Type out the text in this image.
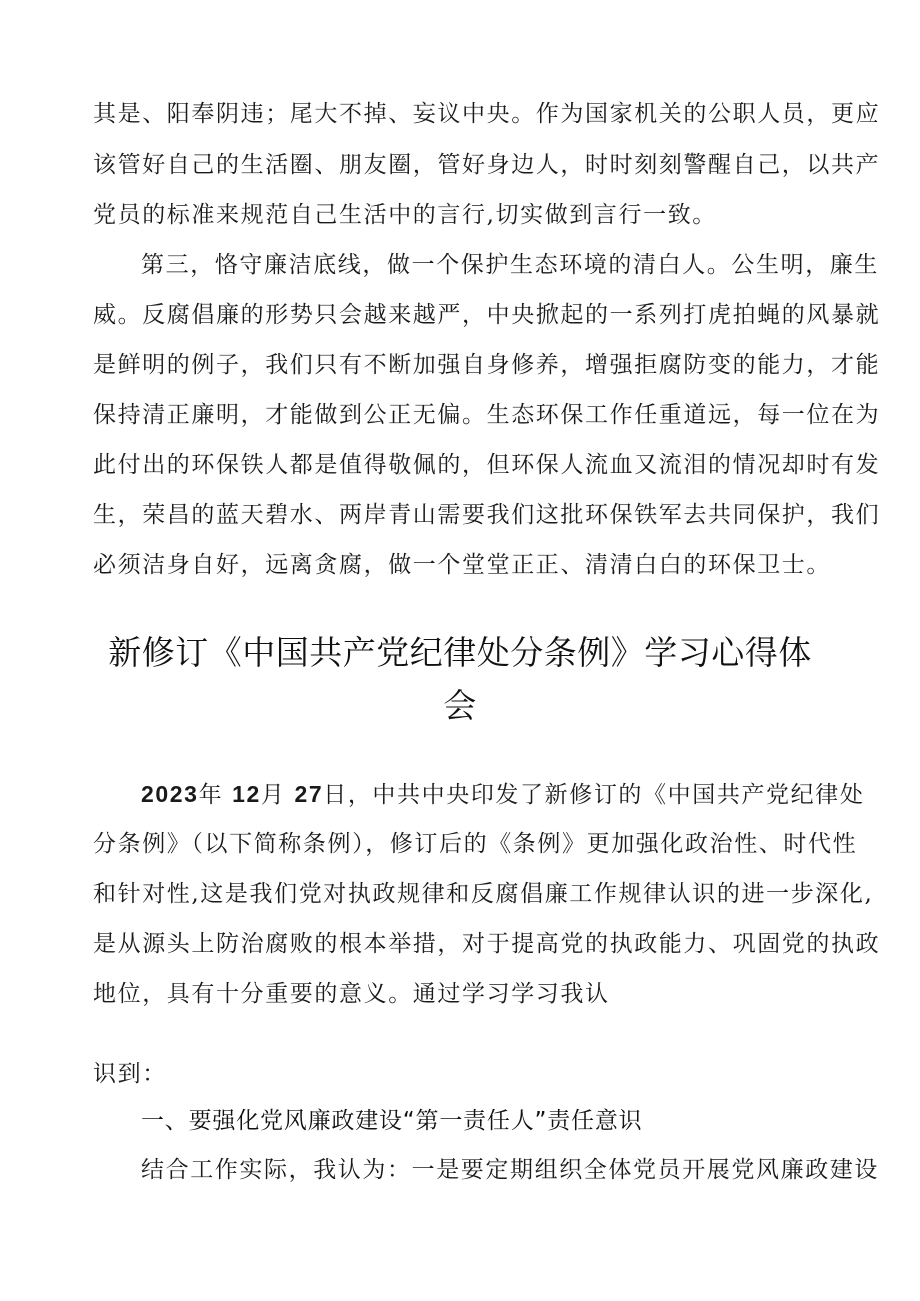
其是、阳奉阴违；尾大不掉、妄议中央。作为国家机关的公职人员，更应
该管好自己的生活圈、朋友圈，管好身边人，时时刻刻警醒自己，以共产
党员的标准来规范自己生活中的言行,切实做到言行一致。
第三，恪守廉洁底线，做一个保护生态环境的清白人。公生明，廉生
威。反腐倡廉的形势只会越来越严，中央掀起的一系列打虎拍蝇的风暴就
是鲜明的例子，我们只有不断加强自身修养，增强拒腐防变的能力，才能
保持清正廉明，才能做到公正无偏。生态环保工作任重道远，每一位在为
此付出的环保铁人都是值得敬佩的，但环保人流血又流泪的情况却时有发
生，荣昌的蓝天碧水、两岸青山需要我们这批环保铁军去共同保护，我们
必须洁身自好，远离贪腐，做一个堂堂正正、清清白白的环保卫士。
新修订《中国共产党纪律处分条例》学习心得体
会
2023年 12月 27日，中共中央印发了新修订的《中国共产党纪律处
分条例》（以下简称条例），修订后的《条例》更加强化政治性、时代性
和针对性,这是我们党对执政规律和反腐倡廉工作规律认识的进一步深化,
是从源头上防治腐败的根本举措，对于提高党的执政能力、巩固党的执政
地位，具有十分重要的意义。通过学习学习我认
识到：
一、要强化党风廉政建设“第一责任人”责任意识
结合工作实际，我认为：一是要定期组织全体党员开展党风廉政建设
